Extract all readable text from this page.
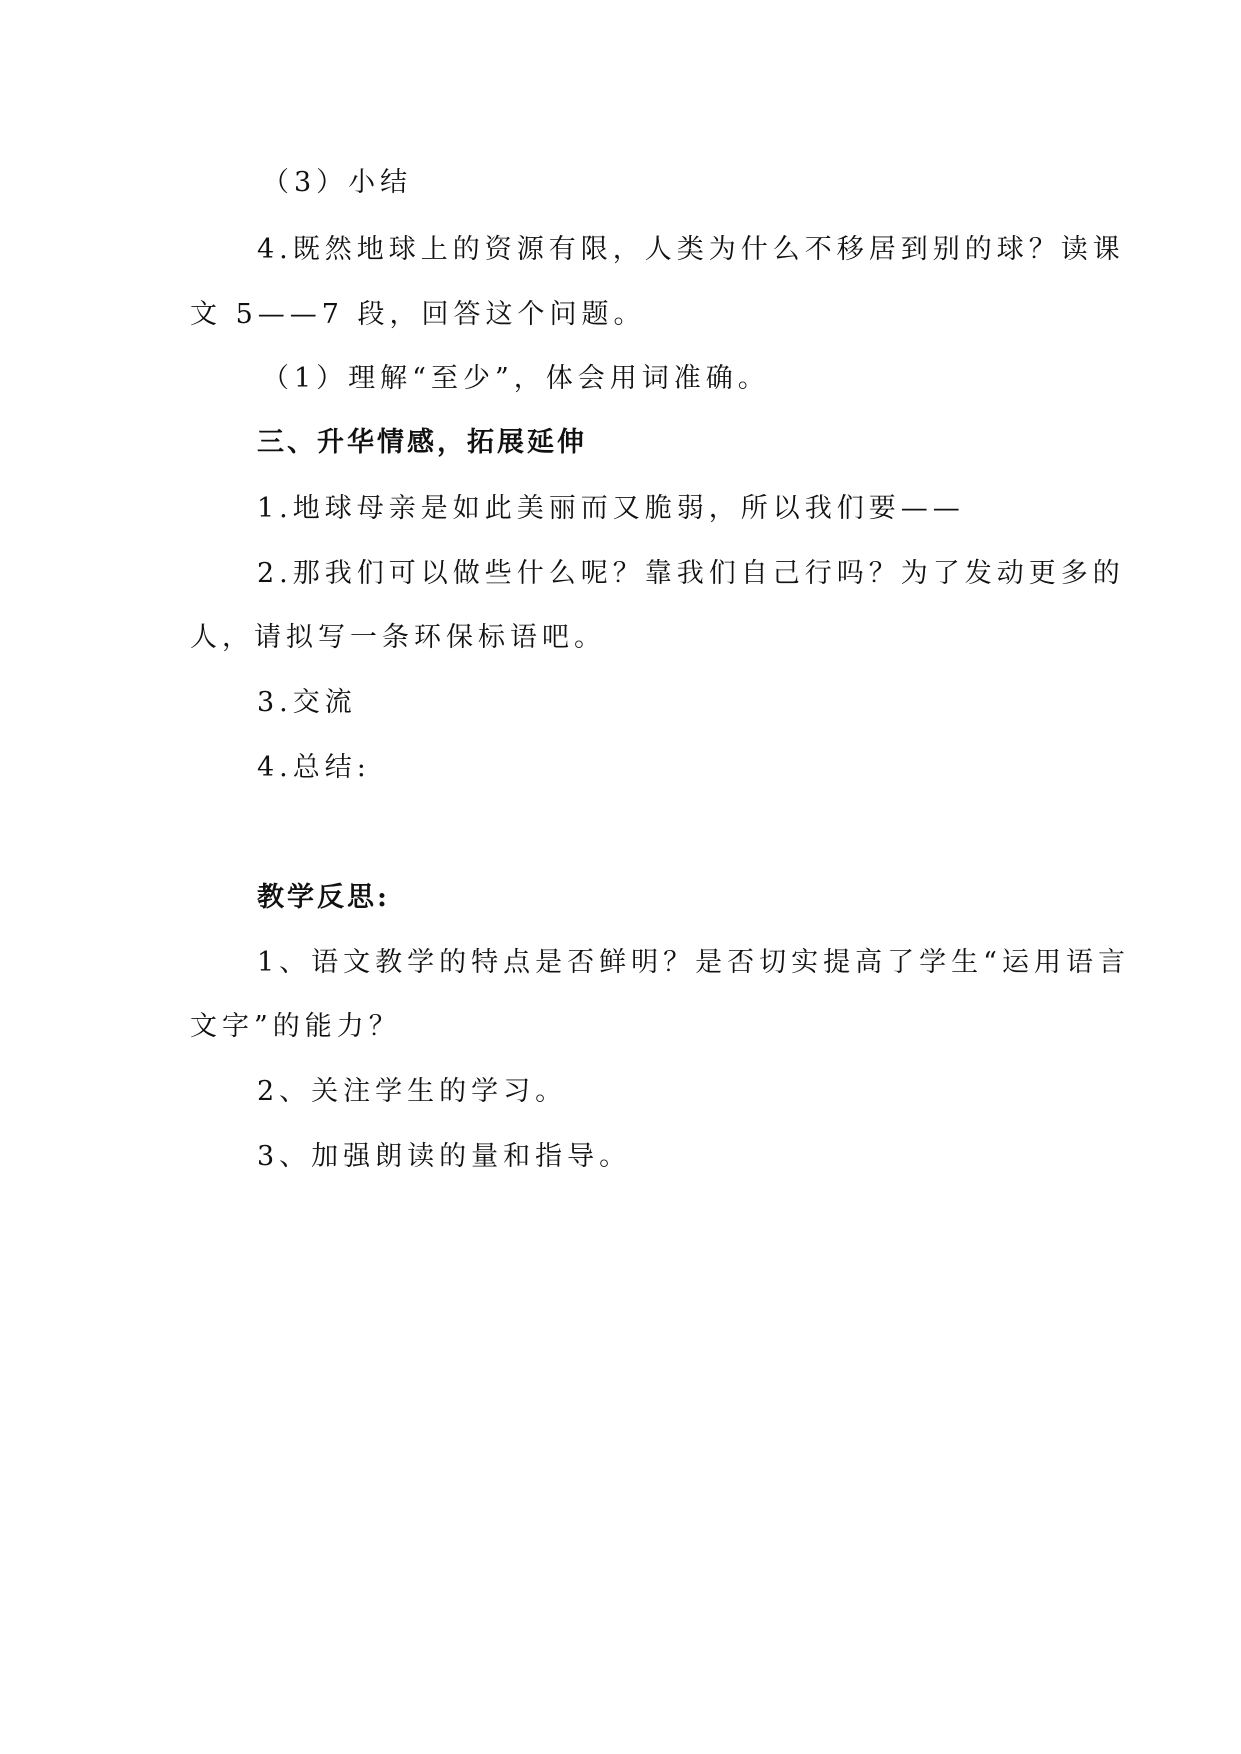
（3）小结
4.既然地球上的资源有限，人类为什么不移居到别的球？读课
文 5——7 段，回答这个问题。
（1）理解“至少”，体会用词准确。
三、升华情感，拓展延伸
1.地球母亲是如此美丽而又脆弱，所以我们要——
2.那我们可以做些什么呢？靠我们自己行吗？为了发动更多的
人，请拟写一条环保标语吧。
3.交流
4.总结:
教学反思:
1、语文教学的特点是否鲜明？是否切实提高了学生“运用语言
文字”的能力？
2、关注学生的学习。
3、加强朗读的量和指导。
